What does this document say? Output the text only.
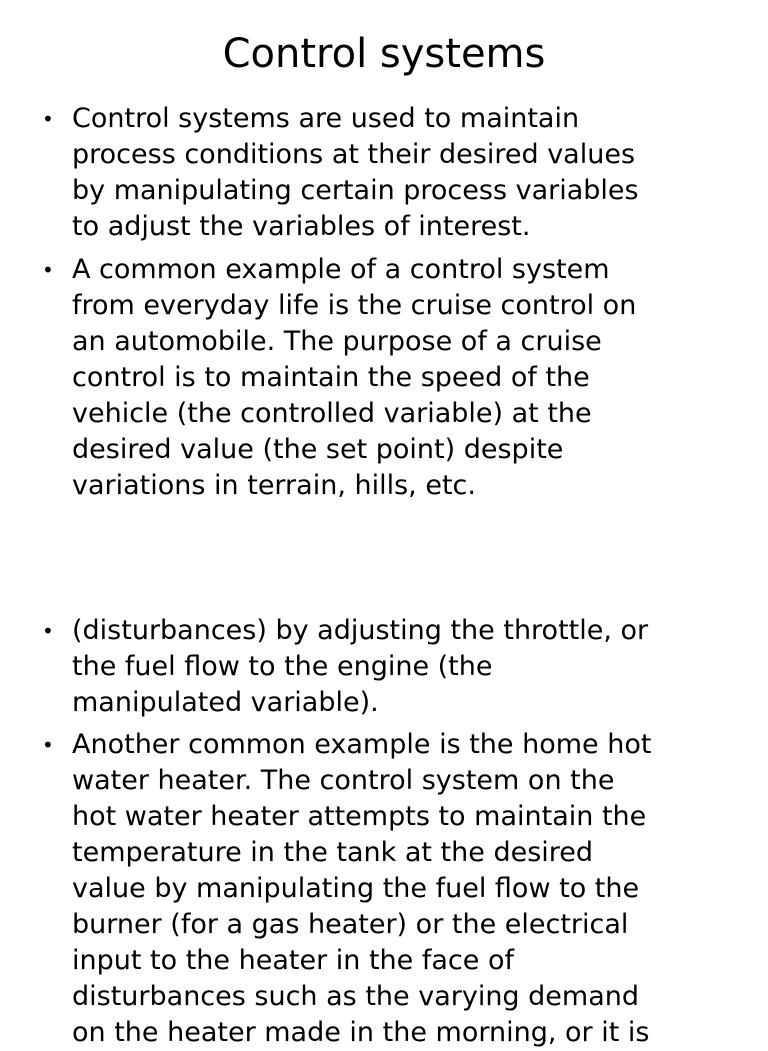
Control systems
• Control systems are used to maintain
process conditions at their desired values
by manipulating certain process variables
to adjust the variables of interest.
• A common example of a control system
from everyday life is the cruise control on
an automobile. The purpose of a cruise
control is to maintain the speed of the
vehicle (the controlled variable) at the
desired value (the set point) despite
variations in terrain, hills, etc.
• (disturbances) by adjusting the throttle, or
the fuel flow to the engine (the
manipulated variable).
• Another common example is the home hot
water heater. The control system on the
hot water heater attempts to maintain the
temperature in the tank at the desired
value by manipulating the fuel flow to the
burner (for a gas heater) or the electrical
input to the heater in the face of
disturbances such as the varying demand
on the heater made in the morning, or it is
